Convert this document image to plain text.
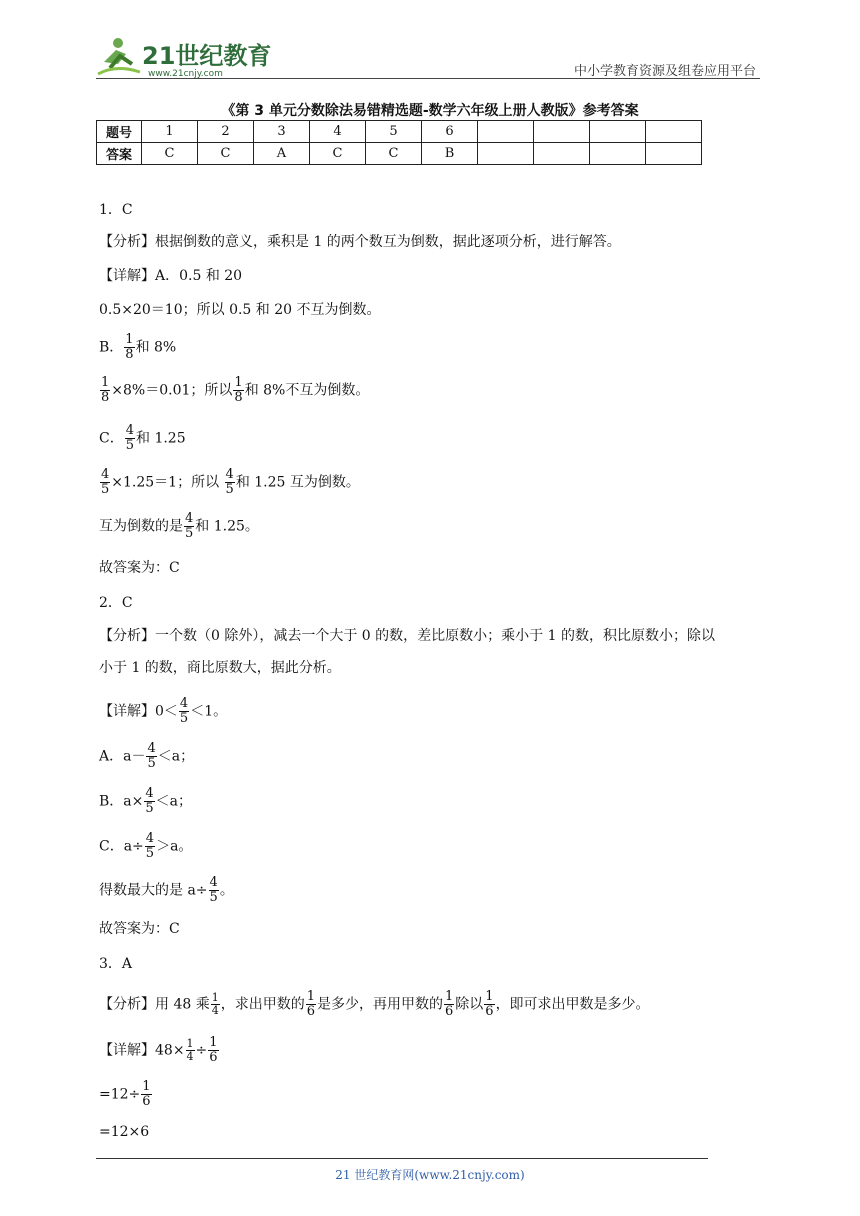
21世纪教育
www.21cnjy.com	中小学教育资源及组卷应用平台
《第 3 单元分数除法易错精选题-数学六年级上册人教版》参考答案
题号	1	2	3	4	5	6				
答案	C	C	A	C	C	B				
1．C
【分析】根据倒数的意义，乘积是 1 的两个数互为倒数，据此逐项分析，进行解答。
【详解】A．0.5 和 20
0.5×20＝10；所以 0.5 和 20 不互为倒数。
B． $\frac{1}{8}$ 和 8%
$\frac{1}{8} \times 8\%=0.01$；所以 $\frac{1}{8}$ 和 8%不互为倒数。
C． $\frac{4}{5}$ 和 1.25
$\frac{4}{5} \times 1.25=1$；所以 $\frac{4}{5}$ 和 1.25 互为倒数。
互为倒数的是 $\frac{4}{5}$ 和 1.25。
故答案为：C
2．C
【分析】一个数（0 除外），减去一个大于 0 的数，差比原数小；乘小于 1 的数，积比原数小；除以
小于 1 的数，商比原数大，据此分析。
【详解】$0< \frac{4}{5} <1$。
A．$a- \frac{4}{5} <a$；
B．$a\times \frac{4}{5} <a$；
C．$a\div \frac{4}{5} >a$。
得数最大的是 $a\div \frac{4}{5}$ 。
故答案为：C
3．A
【分析】用 48 乘 $\frac{1}{4}$ ，求出甲数的 $\frac{1}{6}$ 是多少，再用甲数的 $\frac{1}{6}$ 除以 $\frac{1}{6}$ ，即可求出甲数是多少。
【详解】$48\times \frac{1}{4} \div \frac{1}{6}$
$=12\div \frac{1}{6}$
=12×6
21 世纪教育网(www.21cnjy.com)
